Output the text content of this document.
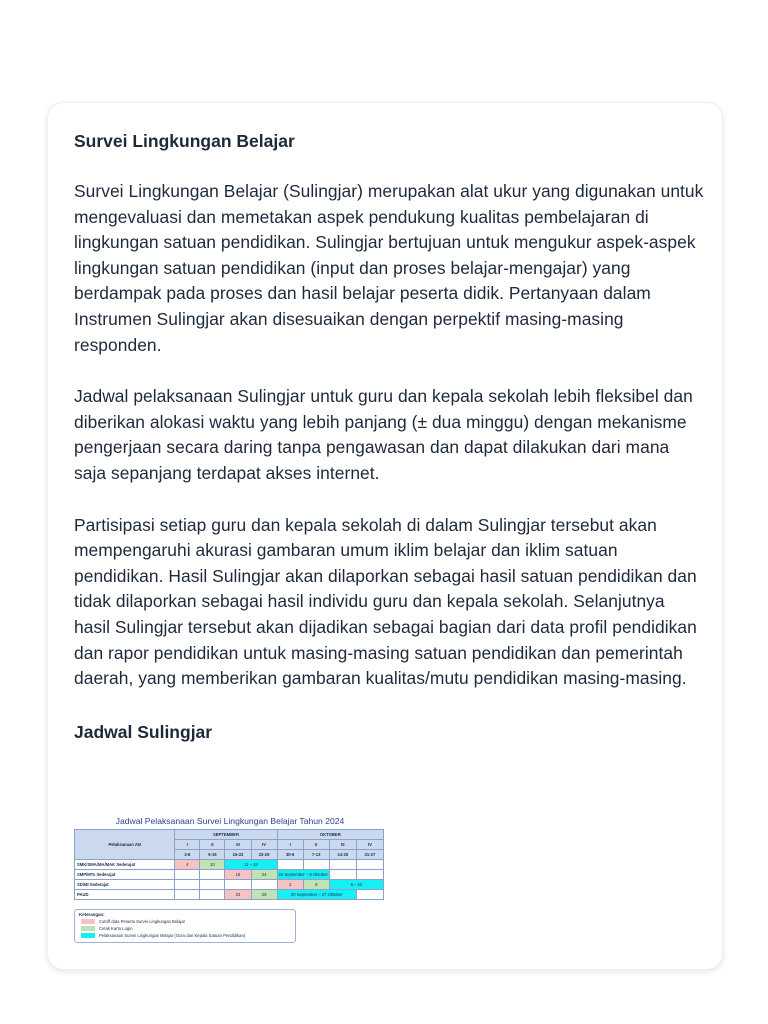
Survei Lingkungan Belajar

Survei Lingkungan Belajar (Sulingjar) merupakan alat ukur yang digunakan untuk mengevaluasi dan memetakan aspek pendukung kualitas pembelajaran di lingkungan satuan pendidikan. Sulingjar bertujuan untuk mengukur aspek-aspek lingkungan satuan pendidikan (input dan proses belajar-mengajar) yang berdampak pada proses dan hasil belajar peserta didik. Pertanyaan dalam Instrumen Sulingjar akan disesuaikan dengan perpektif masing-masing responden.

Jadwal pelaksanaan Sulingjar untuk guru dan kepala sekolah lebih fleksibel dan diberikan alokasi waktu yang lebih panjang (± dua minggu) dengan mekanisme pengerjaan secara daring tanpa pengawasan dan dapat dilakukan dari mana saja sepanjang terdapat akses internet.

Partisipasi setiap guru dan kepala sekolah di dalam Sulingjar tersebut akan mempengaruhi akurasi gambaran umum iklim belajar dan iklim satuan pendidikan. Hasil Sulingjar akan dilaporkan sebagai hasil satuan pendidikan dan tidak dilaporkan sebagai hasil individu guru dan kepala sekolah. Selanjutnya hasil Sulingjar tersebut akan dijadikan sebagai bagian dari data profil pendidikan dan rapor pendidikan untuk masing-masing satuan pendidikan dan pemerintah daerah, yang memberikan gambaran kualitas/mutu pendidikan masing-masing.

Jadwal Sulingjar
Jadwal Pelaksanaan Survei Lingkungan Belajar Tahun 2024
Pelaksanaan AN	SEPTEMBER				OKTOBER			
	I	II	III	IV	I	II	III	IV
	2-8	9-15	16-22	23-29	30-6	7-13	14-20	21-27
SMK/SMA/MA/MAK Sederajat	4	10	11 – 24					
SMP/MTs Sederajat			18	24	25 September – 8 Oktober			
SD/MI Sederajat					2	8	9 – 22	
PAUD			23	29	30 September – 27 Oktober			
Keterangan:
Cutoff data Peserta Survei Lingkungan Belajar
Cetak Kartu Login
Pelaksanaan Survei Lingkungan Belajar (Guru dan Kepala Satuan Pendidikan)
